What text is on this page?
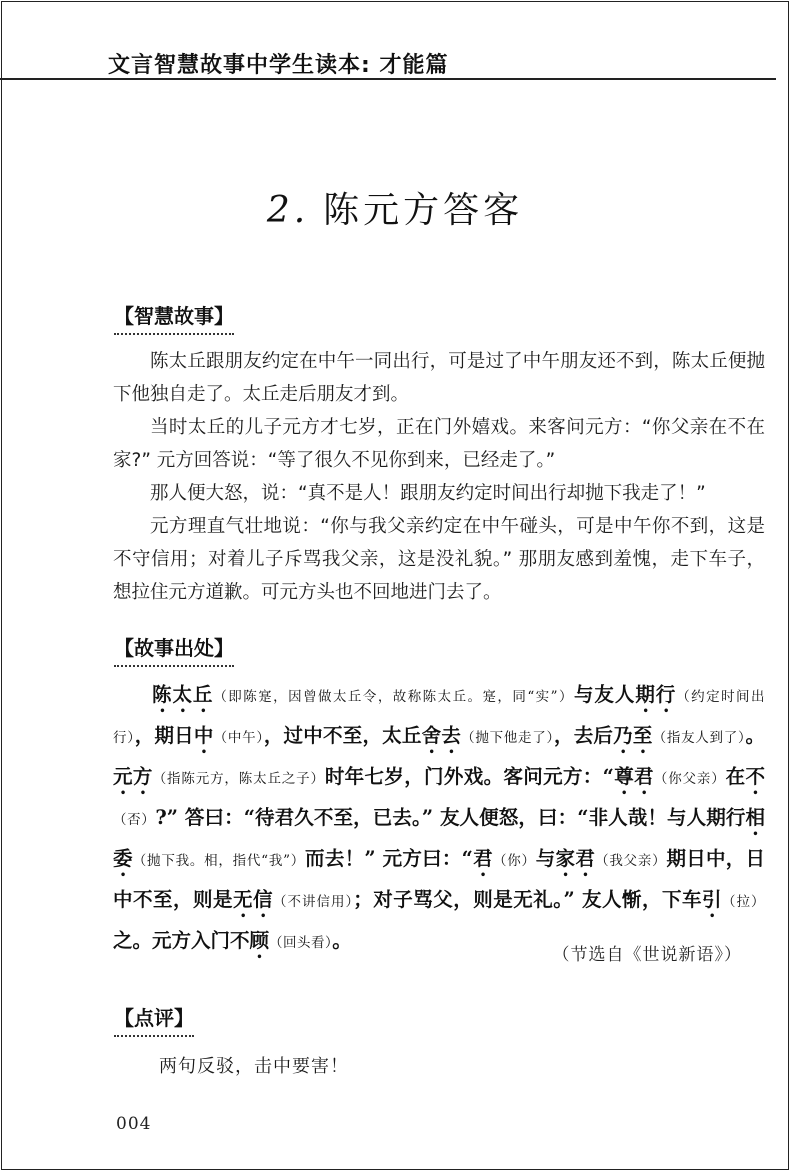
文言智慧故事中学生读本: 才能篇
2. 陈元方答客
【智慧故事】

陈太丘跟朋友约定在中午一同出行，可是过了中午朋友还不到，陈太丘便抛下他独自走了。太丘走后朋友才到。

当时太丘的儿子元方才七岁，正在门外嬉戏。来客问元方：“你父亲在不在家?” 元方回答说：“等了很久不见你到来，已经走了。”

那人便大怒，说：“真不是人！跟朋友约定时间出行却抛下我走了！”

元方理直气壮地说：“你与我父亲约定在中午碰头，可是中午你不到，这是不守信用；对着儿子斥骂我父亲，这是没礼貌。” 那朋友感到羞愧，走下车子，想拉住元方道歉。可元方头也不回地进门去了。

【故事出处】

陈太丘（即陈寔，因曾做太丘令，故称陈太丘。寔，同“实”）与友人期行（约定时间出行），期日中（中午），过中不至，太丘舍去（抛下他走了），去后乃至（指友人到了）。元方（指陈元方，陈太丘之子）时年七岁，门外戏。客问元方：“尊君（你父亲）在不（否）?” 答曰：“待君久不至，已去。” 友人便怒，曰：“非人哉！与人期行相委（抛下我。相，指代“我”）而去！” 元方曰：“君（你）与家君（我父亲）期日中，日中不至，则是无信（不讲信用）；对子骂父，则是无礼。” 友人惭，下车引（拉）之。元方入门不顾（回头看）。

（节选自《世说新语》）
【点评】
两句反驳，击中要害！
004
